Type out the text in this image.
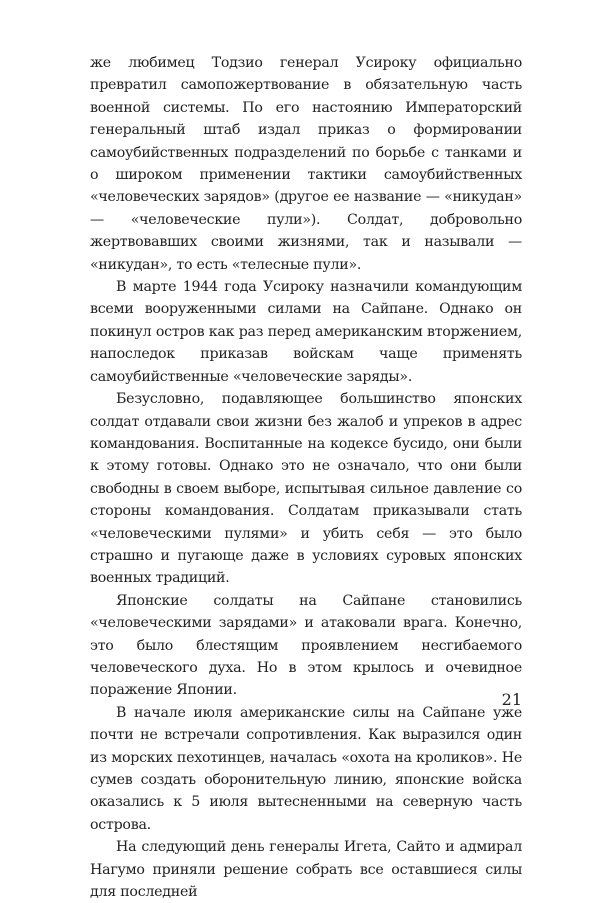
же любимец Тодзио генерал Усироку официально превратил самопожертвование в обязательную часть военной системы. По его настоянию Императорский генеральный штаб издал приказ о формировании самоубийственных подразделений по борьбе с танками и о широком применении тактики самоубийственных «человеческих зарядов» (другое ее название — «никудан» — «человеческие пули»). Солдат, добровольно жертвовавших своими жизнями, так и называли — «никудан», то есть «телесные пули».

В марте 1944 года Усироку назначили командующим всеми вооруженными силами на Сайпане. Однако он покинул остров как раз перед американским вторжением, напоследок приказав войскам чаще применять самоубийственные «человеческие заряды».

Безусловно, подавляющее большинство японских солдат отдавали свои жизни без жалоб и упреков в адрес командования. Воспитанные на кодексе бусидо, они были к этому готовы. Однако это не означало, что они были свободны в своем выборе, испытывая сильное давление со стороны командования. Солдатам приказывали стать «человеческими пулями» и убить себя — это было страшно и пугающе даже в условиях суровых японских военных традиций.

Японские солдаты на Сайпане становились «человеческими зарядами» и атаковали врага. Конечно, это было блестящим проявлением несгибаемого человеческого духа. Но в этом крылось и очевидное поражение Японии.

В начале июля американские силы на Сайпане уже почти не встречали сопротивления. Как выразился один из морских пехотинцев, началась «охота на кроликов». Не сумев создать оборонительную линию, японские войска оказались к 5 июля вытесненными на северную часть острова.

На следующий день генералы Игета, Сайто и адмирал Нагумо приняли решение собрать все оставшиеся силы для последней

21
